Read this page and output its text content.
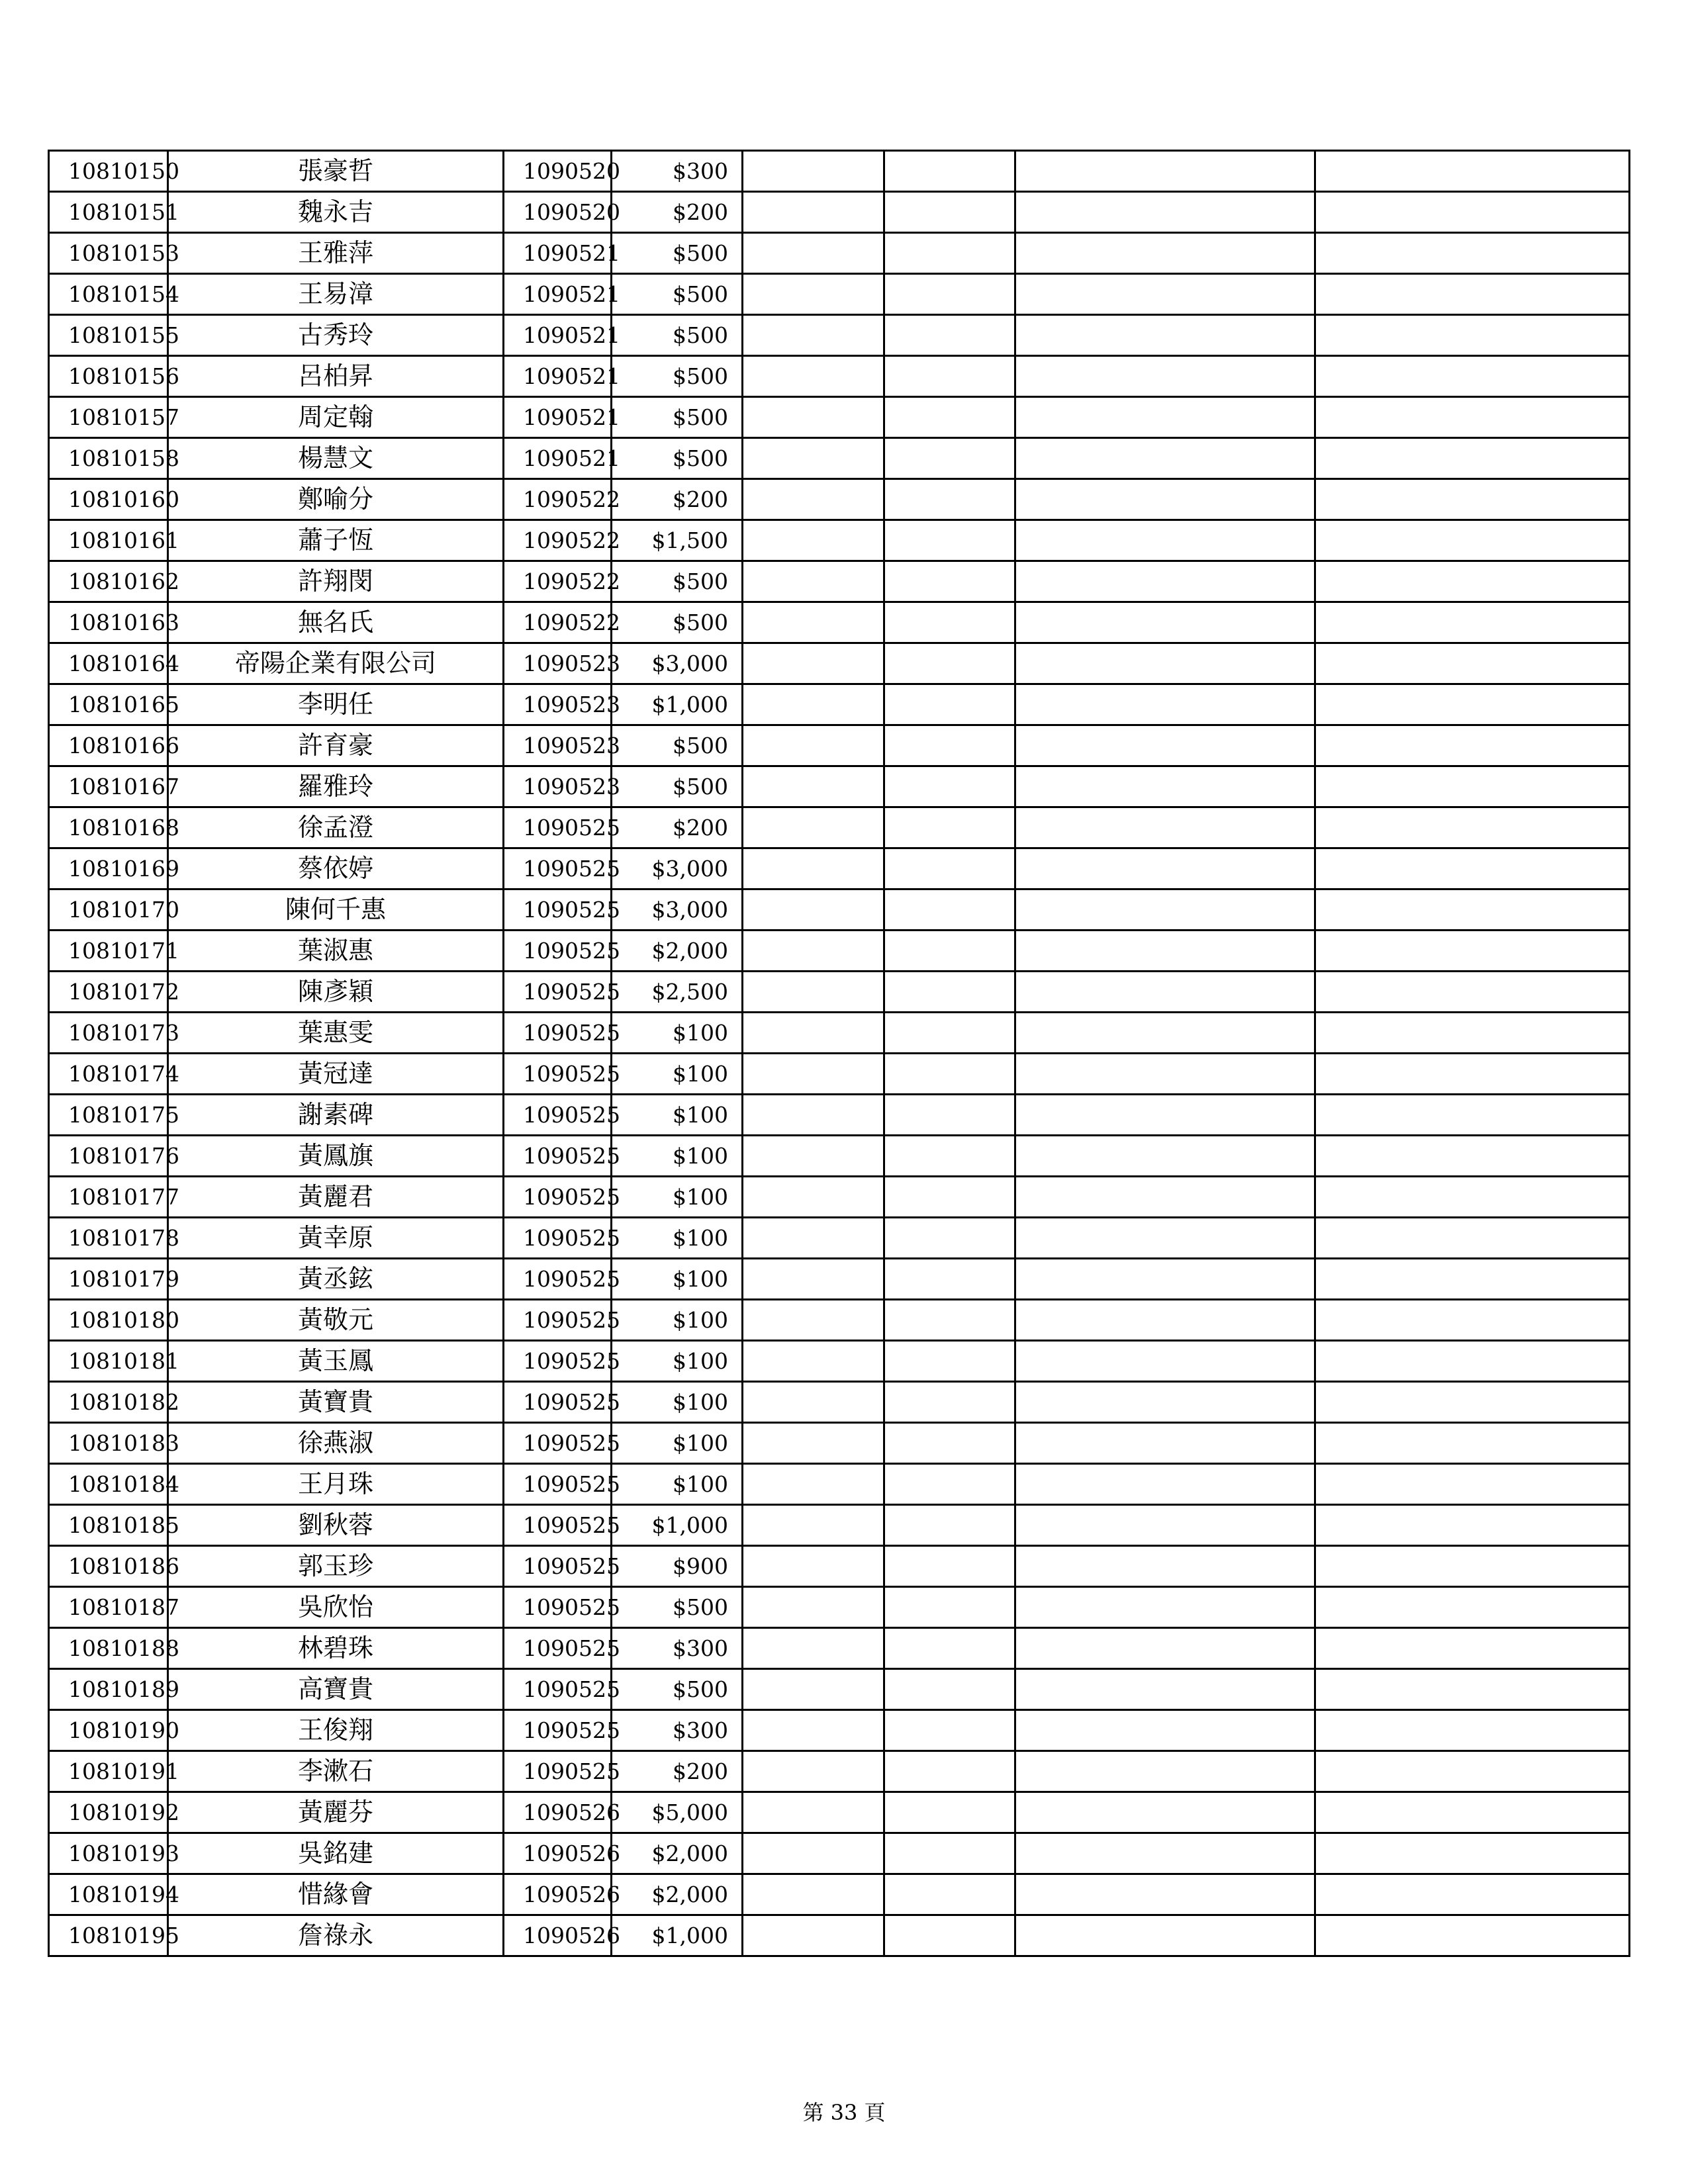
10810150	張豪哲	1090520	$300				
10810151	魏永吉	1090520	$200				
10810153	王雅萍	1090521	$500				
10810154	王易漳	1090521	$500				
10810155	古秀玲	1090521	$500				
10810156	呂柏昇	1090521	$500				
10810157	周定翰	1090521	$500				
10810158	楊慧文	1090521	$500				
10810160	鄭喻分	1090522	$200				
10810161	蕭子恆	1090522	$1,500				
10810162	許翔閔	1090522	$500				
10810163	無名氏	1090522	$500				
10810164	帝陽企業有限公司	1090523	$3,000				
10810165	李明任	1090523	$1,000				
10810166	許育豪	1090523	$500				
10810167	羅雅玲	1090523	$500				
10810168	徐孟澄	1090525	$200				
10810169	蔡依婷	1090525	$3,000				
10810170	陳何千惠	1090525	$3,000				
10810171	葉淑惠	1090525	$2,000				
10810172	陳彥穎	1090525	$2,500				
10810173	葉惠雯	1090525	$100				
10810174	黃冠達	1090525	$100				
10810175	謝素碑	1090525	$100				
10810176	黃鳳旗	1090525	$100				
10810177	黃麗君	1090525	$100				
10810178	黃幸原	1090525	$100				
10810179	黃丞鉉	1090525	$100				
10810180	黃敬元	1090525	$100				
10810181	黃玉鳳	1090525	$100				
10810182	黃寶貴	1090525	$100				
10810183	徐燕淑	1090525	$100				
10810184	王月珠	1090525	$100				
10810185	劉秋蓉	1090525	$1,000				
10810186	郭玉珍	1090525	$900				
10810187	吳欣怡	1090525	$500				
10810188	林碧珠	1090525	$300				
10810189	高寶貴	1090525	$500				
10810190	王俊翔	1090525	$300				
10810191	李漱石	1090525	$200				
10810192	黃麗芬	1090526	$5,000				
10810193	吳銘建	1090526	$2,000				
10810194	惜緣會	1090526	$2,000				
10810195	詹祿永	1090526	$1,000				
第 33 頁
